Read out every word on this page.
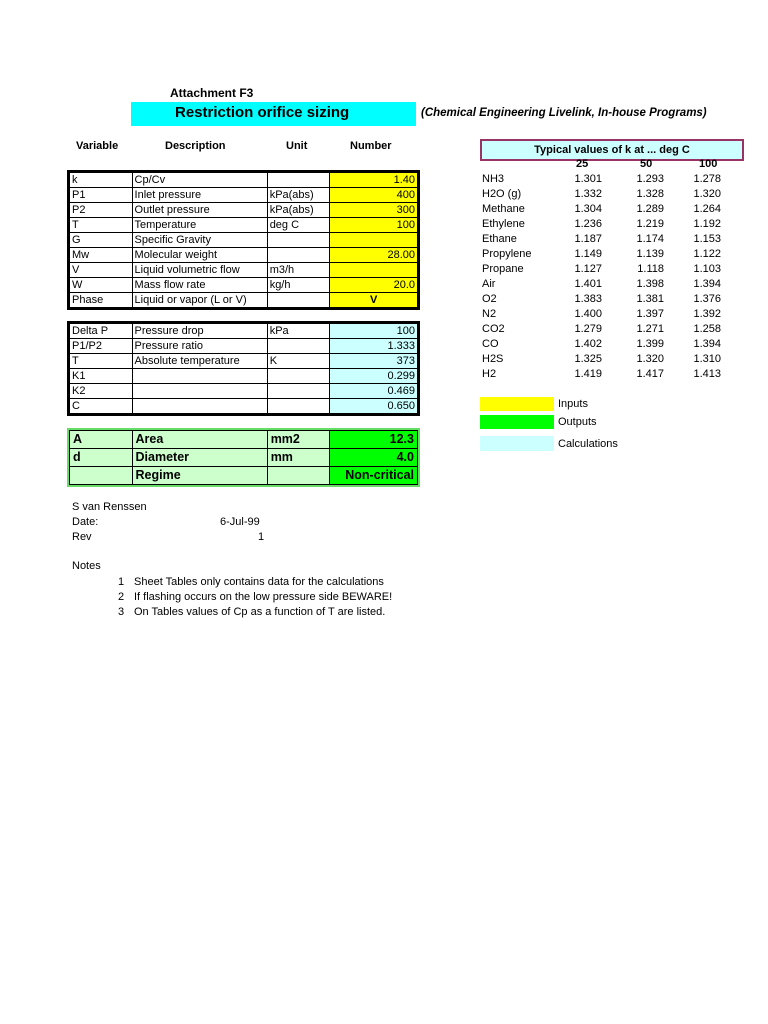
Attachment F3
Restriction orifice sizing	(Chemical Engineering Livelink, In-house Programs)
Variable	Description	Unit	Number
k	Cp/Cv		1.40
P1	Inlet pressure	kPa(abs)	400
P2	Outlet pressure	kPa(abs)	300
T	Temperature	deg C	100
G	Specific Gravity		
Mw	Molecular weight		28.00
V	Liquid volumetric flow	m3/h	
W	Mass flow rate	kg/h	20.0
Phase	Liquid or vapor (L or V)		V
Delta P	Pressure drop	kPa	100
P1/P2	Pressure ratio		1.333
T	Absolute temperature	K	373
K1			0.299
K2			0.469
C			0.650
A	Area	mm2	12.3
d	Diameter	mm	4.0
	Regime		Non-critical
S van Renssen
Date:	6-Jul-99
Rev	1
Notes
1 Sheet Tables only contains data for the calculations
2 If flashing occurs on the low pressure side BEWARE!
3 On Tables values of Cp as a function of T are listed.
Typical values of k at ... deg C
25	50	100
NH3	1.301	1.293	1.278
H2O (g)	1.332	1.328	1.320
Methane	1.304	1.289	1.264
Ethylene	1.236	1.219	1.192
Ethane	1.187	1.174	1.153
Propylene	1.149	1.139	1.122
Propane	1.127	1.118	1.103
Air	1.401	1.398	1.394
O2	1.383	1.381	1.376
N2	1.400	1.397	1.392
CO2	1.279	1.271	1.258
CO	1.402	1.399	1.394
H2S	1.325	1.320	1.310
H2	1.419	1.417	1.413
Inputs
Outputs
Calculations
